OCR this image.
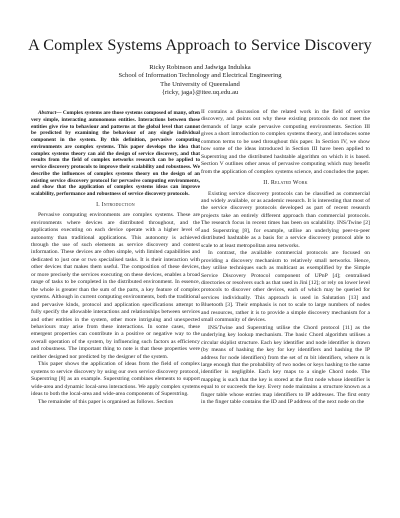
A Complex Systems Approach to Service Discovery
Ricky Robinson and Jadwiga Indulska
School of Information Technology and Electrical Engineering
The University of Queensland
{ricky, jaga}@itee.uq.edu.au

Abstract— Complex systems are those systems composed of many, often very simple, interacting autonomous entities. Interactions between these entities give rise to behaviour and patterns at the global level that cannot be predicted by examining the behaviour of any single individual component in the system. By this definition, pervasive computing environments are complex systems. This paper develops the idea that complex systems theory can aid the design of service discovery, and that results from the field of complex networks research can be applied to service discovery protocols to improve their scalability and robustness. We describe the influences of complex systems theory on the design of an existing service discovery protocol for pervasive computing environments, and show that the application of complex systems ideas can improve scalability, performance and robustness of service discovery protocols.

I. Introduction

Pervasive computing environments are complex systems. These are environments where devices are distributed throughout, and the applications executing on each device operate with a higher level of autonomy than traditional applications. This autonomy is achieved through the use of such elements as service discovery and context information. These devices are often simple, with limited capabilities and dedicated to just one or two specialised tasks. It is their interaction with other devices that makes them useful. The composition of these devices, or more precisely the services executing on these devices, enables a broad range of tasks to be completed in the distributed environment. In essence, the whole is greater than the sum of the parts, a key feature of complex systems. Although in current computing environments, both the traditional and pervasive kinds, protocol and application specifications attempt to fully specify the allowable interactions and relationships between services and other entities in the system, other more intriguing and unexpected behaviours may arise from these interactions. In some cases, these emergent properties can contribute in a positive or negative way to the overall operation of the system, by influencing such factors as efficiency and robustness. The important thing to note is that these properties were neither designed nor predicted by the designer of the system.

This paper shows the application of ideas from the field of complex systems to service discovery by using our own service discovery protocol, Superstring [8] as an example. Superstring combines elements to support wide-area and dynamic local-area interactions. We apply complex systems ideas to both the local-area and wide-area components of Superstring.

The remainder of this paper is organised as follows. Section

II contains a discussion of the related work in the field of service discovery, and points out why these existing protocols do not meet the demands of large scale pervasive computing environments. Section III gives a short introduction to complex systems theory, and introduces some common terms to be used throughout this paper. In Section IV, we show how some of the ideas introduced in Section III have been applied to Superstring and the distributed hashtable algorithm on which it is based. Section V outlines other areas of pervasive computing which may benefit from the application of complex systems science, and concludes the paper.

II. Related Work

Existing service discovery protocols can be classified as commercial and widely available, or as academic research. It is interesting that most of the service discovery protocols developed as part of recent research projects take an entirely different approach than commercial protocols. The research focus in recent times has been on scalability. INS/Twine [2] and Superstring [8], for example, utilise an underlying peer-to-peer distributed hashtable as a basis for a service discovery protocol able to scale to at least metropolitan area networks.

In contrast, the available commercial protocols are focused on providing a discovery mechanism to relatively small networks. Hence, they utilise techniques such as multicast as exemplified by the Simple Service Discovery Protocol component of UPnP [4]; centralised directories or resolvers such as that used in Jini [12]; or rely on lower level protocols to discover other devices, each of which may be queried for services individually. This approach is used in Salutation [13] and Bluetooth [3]. Their emphasis is not to scale to large numbers of nodes and resources, rather it is to provide a simple discovery mechanism for a small community of devices.

INS/Twine and Superstring utilise the Chord protocol [11] as the underlying key lookup mechanism. The basic Chord algorithm utilises a circular skiplist structure. Each key identifier and node identifier is drawn (by means of hashing the key for key identifiers and hashing the IP address for node identifiers) from the set of m bit identifiers, where m is large enough that the probability of two nodes or keys hashing to the same identifier is negligible. Each key maps to a single Chord node. The mapping is such that the key is stored at the first node whose identifier is equal to or succeeds the key. Every node maintains a structure known as a finger table whose entries map identifiers to IP addresses. The first entry in the finger table contains the ID and IP address of the next node on the
